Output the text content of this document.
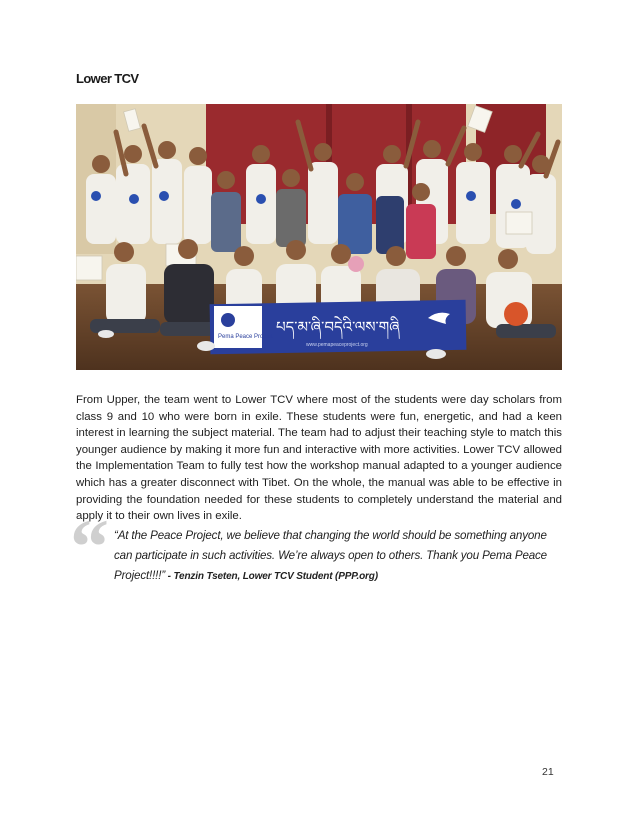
Lower TCV
Pema Peace Project
པད་མ་ཞི་བདེའི་ལས་གཞི
www.pemapeaceproject.org

From Upper, the team went to Lower TCV where most of the students were day scholars from class 9 and 10 who were born in exile. These students were fun, energetic, and had a keen interest in learning the subject material. The team had to adjust their teaching style to match this younger audience by making it more fun and interactive with more activities. Lower TCV allowed the Implementation Team to fully test how the workshop manual adapted to a younger audience which has a greater disconnect with Tibet. On the whole, the manual was able to be effective in providing the foundation needed for these students to completely understand the material and apply it to their own lives in exile.

“ “At the Peace Project, we believe that changing the world should be something anyone can participate in such activities. We’re always open to others. Thank you Pema Peace Project!!!!” - Tenzin Tseten, Lower TCV Student (PPP.org)

21
